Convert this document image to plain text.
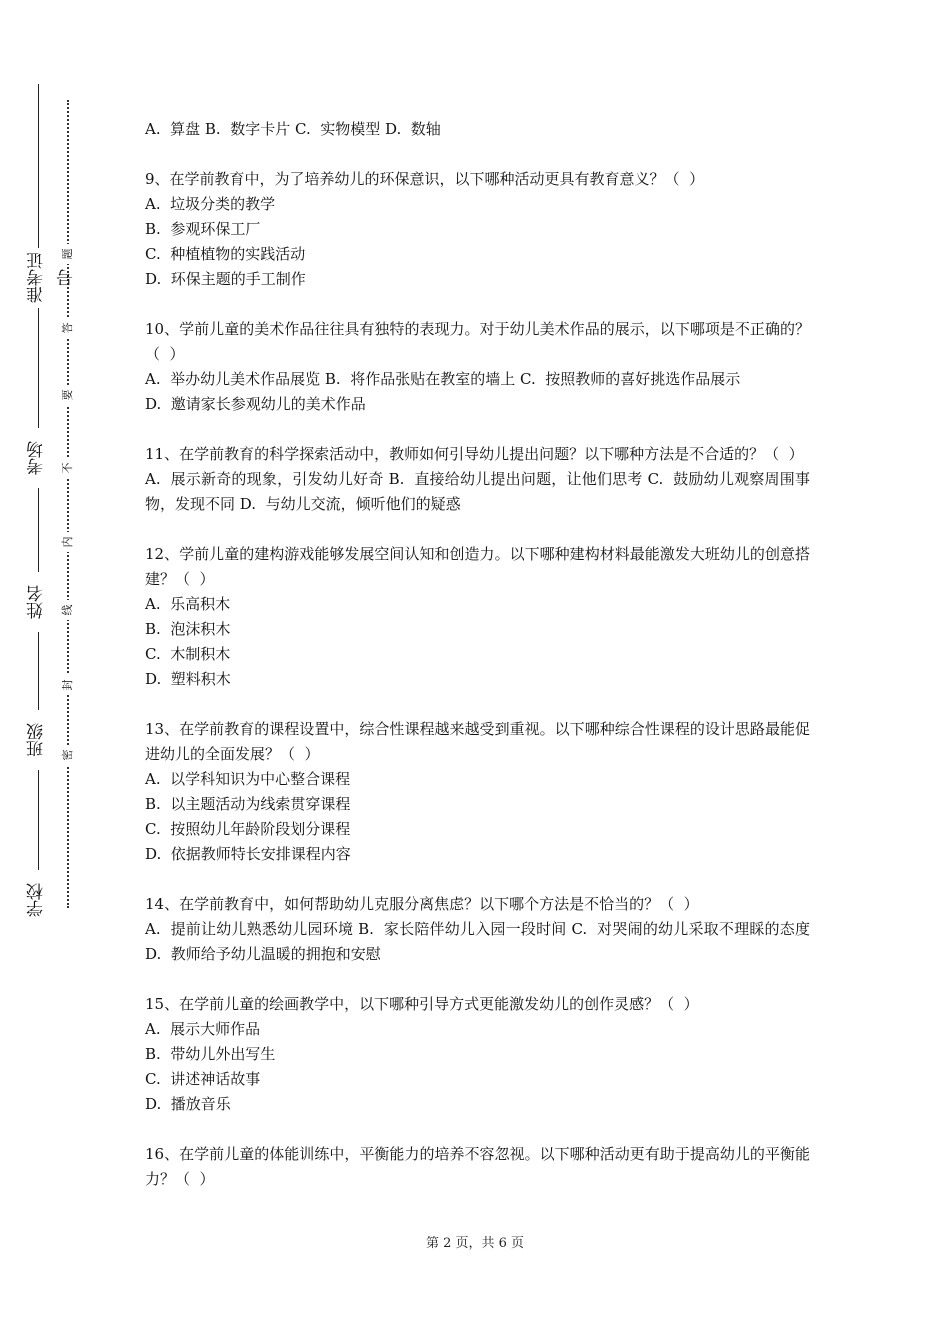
准考证号
考场
姓名
班级
学校
题
答
要
不
内
线
封
密

A.  算盘 B.  数字卡片 C.  实物模型 D.  数轴

9、在学前教育中，为了培养幼儿的环保意识，以下哪种活动更具有教育意义？（  ）

A.  垃圾分类的教学

B.  参观环保工厂

C.  种植植物的实践活动

D.  环保主题的手工制作

10、学前儿童的美术作品往往具有独特的表现力。对于幼儿美术作品的展示，以下哪项是不正确的？（  ）

A.  举办幼儿美术作品展览 B.  将作品张贴在教室的墙上 C.  按照教师的喜好挑选作品展示

D.  邀请家长参观幼儿的美术作品

11、在学前教育的科学探索活动中，教师如何引导幼儿提出问题？以下哪种方法是不合适的？（  ）

A.  展示新奇的现象，引发幼儿好奇 B.  直接给幼儿提出问题，让他们思考 C.  鼓励幼儿观察周围事物，发现不同 D.  与幼儿交流，倾听他们的疑惑

12、学前儿童的建构游戏能够发展空间认知和创造力。以下哪种建构材料最能激发大班幼儿的创意搭建？（  ）

A.  乐高积木

B.  泡沫积木

C.  木制积木

D.  塑料积木

13、在学前教育的课程设置中，综合性课程越来越受到重视。以下哪种综合性课程的设计思路最能促进幼儿的全面发展？（  ）

A.  以学科知识为中心整合课程

B.  以主题活动为线索贯穿课程

C.  按照幼儿年龄阶段划分课程

D.  依据教师特长安排课程内容

14、在学前教育中，如何帮助幼儿克服分离焦虑？以下哪个方法是不恰当的？（  ）

A.  提前让幼儿熟悉幼儿园环境 B.  家长陪伴幼儿入园一段时间 C.  对哭闹的幼儿采取不理睬的态度 D.  教师给予幼儿温暖的拥抱和安慰

15、在学前儿童的绘画教学中，以下哪种引导方式更能激发幼儿的创作灵感？（  ）

A.  展示大师作品

B.  带幼儿外出写生

C.  讲述神话故事

D.  播放音乐

16、在学前儿童的体能训练中，平衡能力的培养不容忽视。以下哪种活动更有助于提高幼儿的平衡能力？（  ）

第 2 页，共 6 页
